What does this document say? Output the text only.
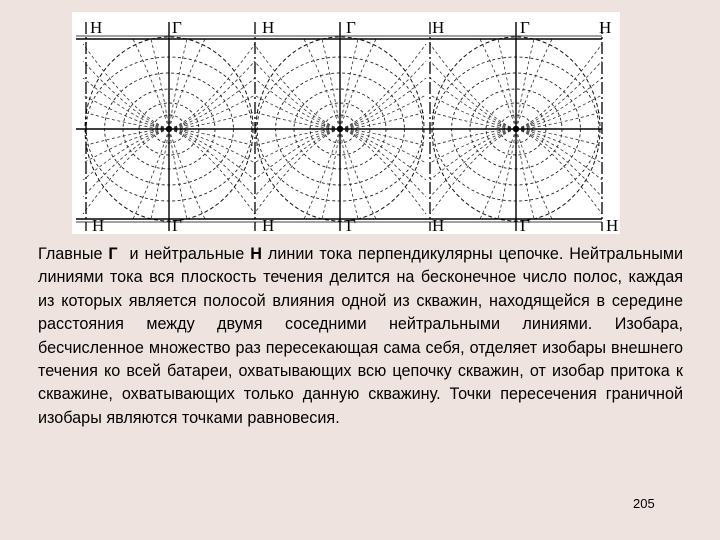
Н	Г	Н	Г	Н	Г	Н
Н	Г	Н	Г	Н	Г	Н

Главные Г и нейтральные Н линии тока перпендикулярны цепочке. Нейтральными линиями тока вся плоскость течения делится на бесконечное число полос, каждая из которых является полосой влияния одной из скважин, находящейся в середине расстояния между двумя соседними нейтральными линиями. Изобара, бесчисленное множество раз пересекающая сама себя, отделяет изобары внешнего течения ко всей батареи, охватывающих всю цепочку скважин, от изобар притока к скважине, охватывающих только данную скважину. Точки пересечения граничной изобары являются точками равновесия.

205
